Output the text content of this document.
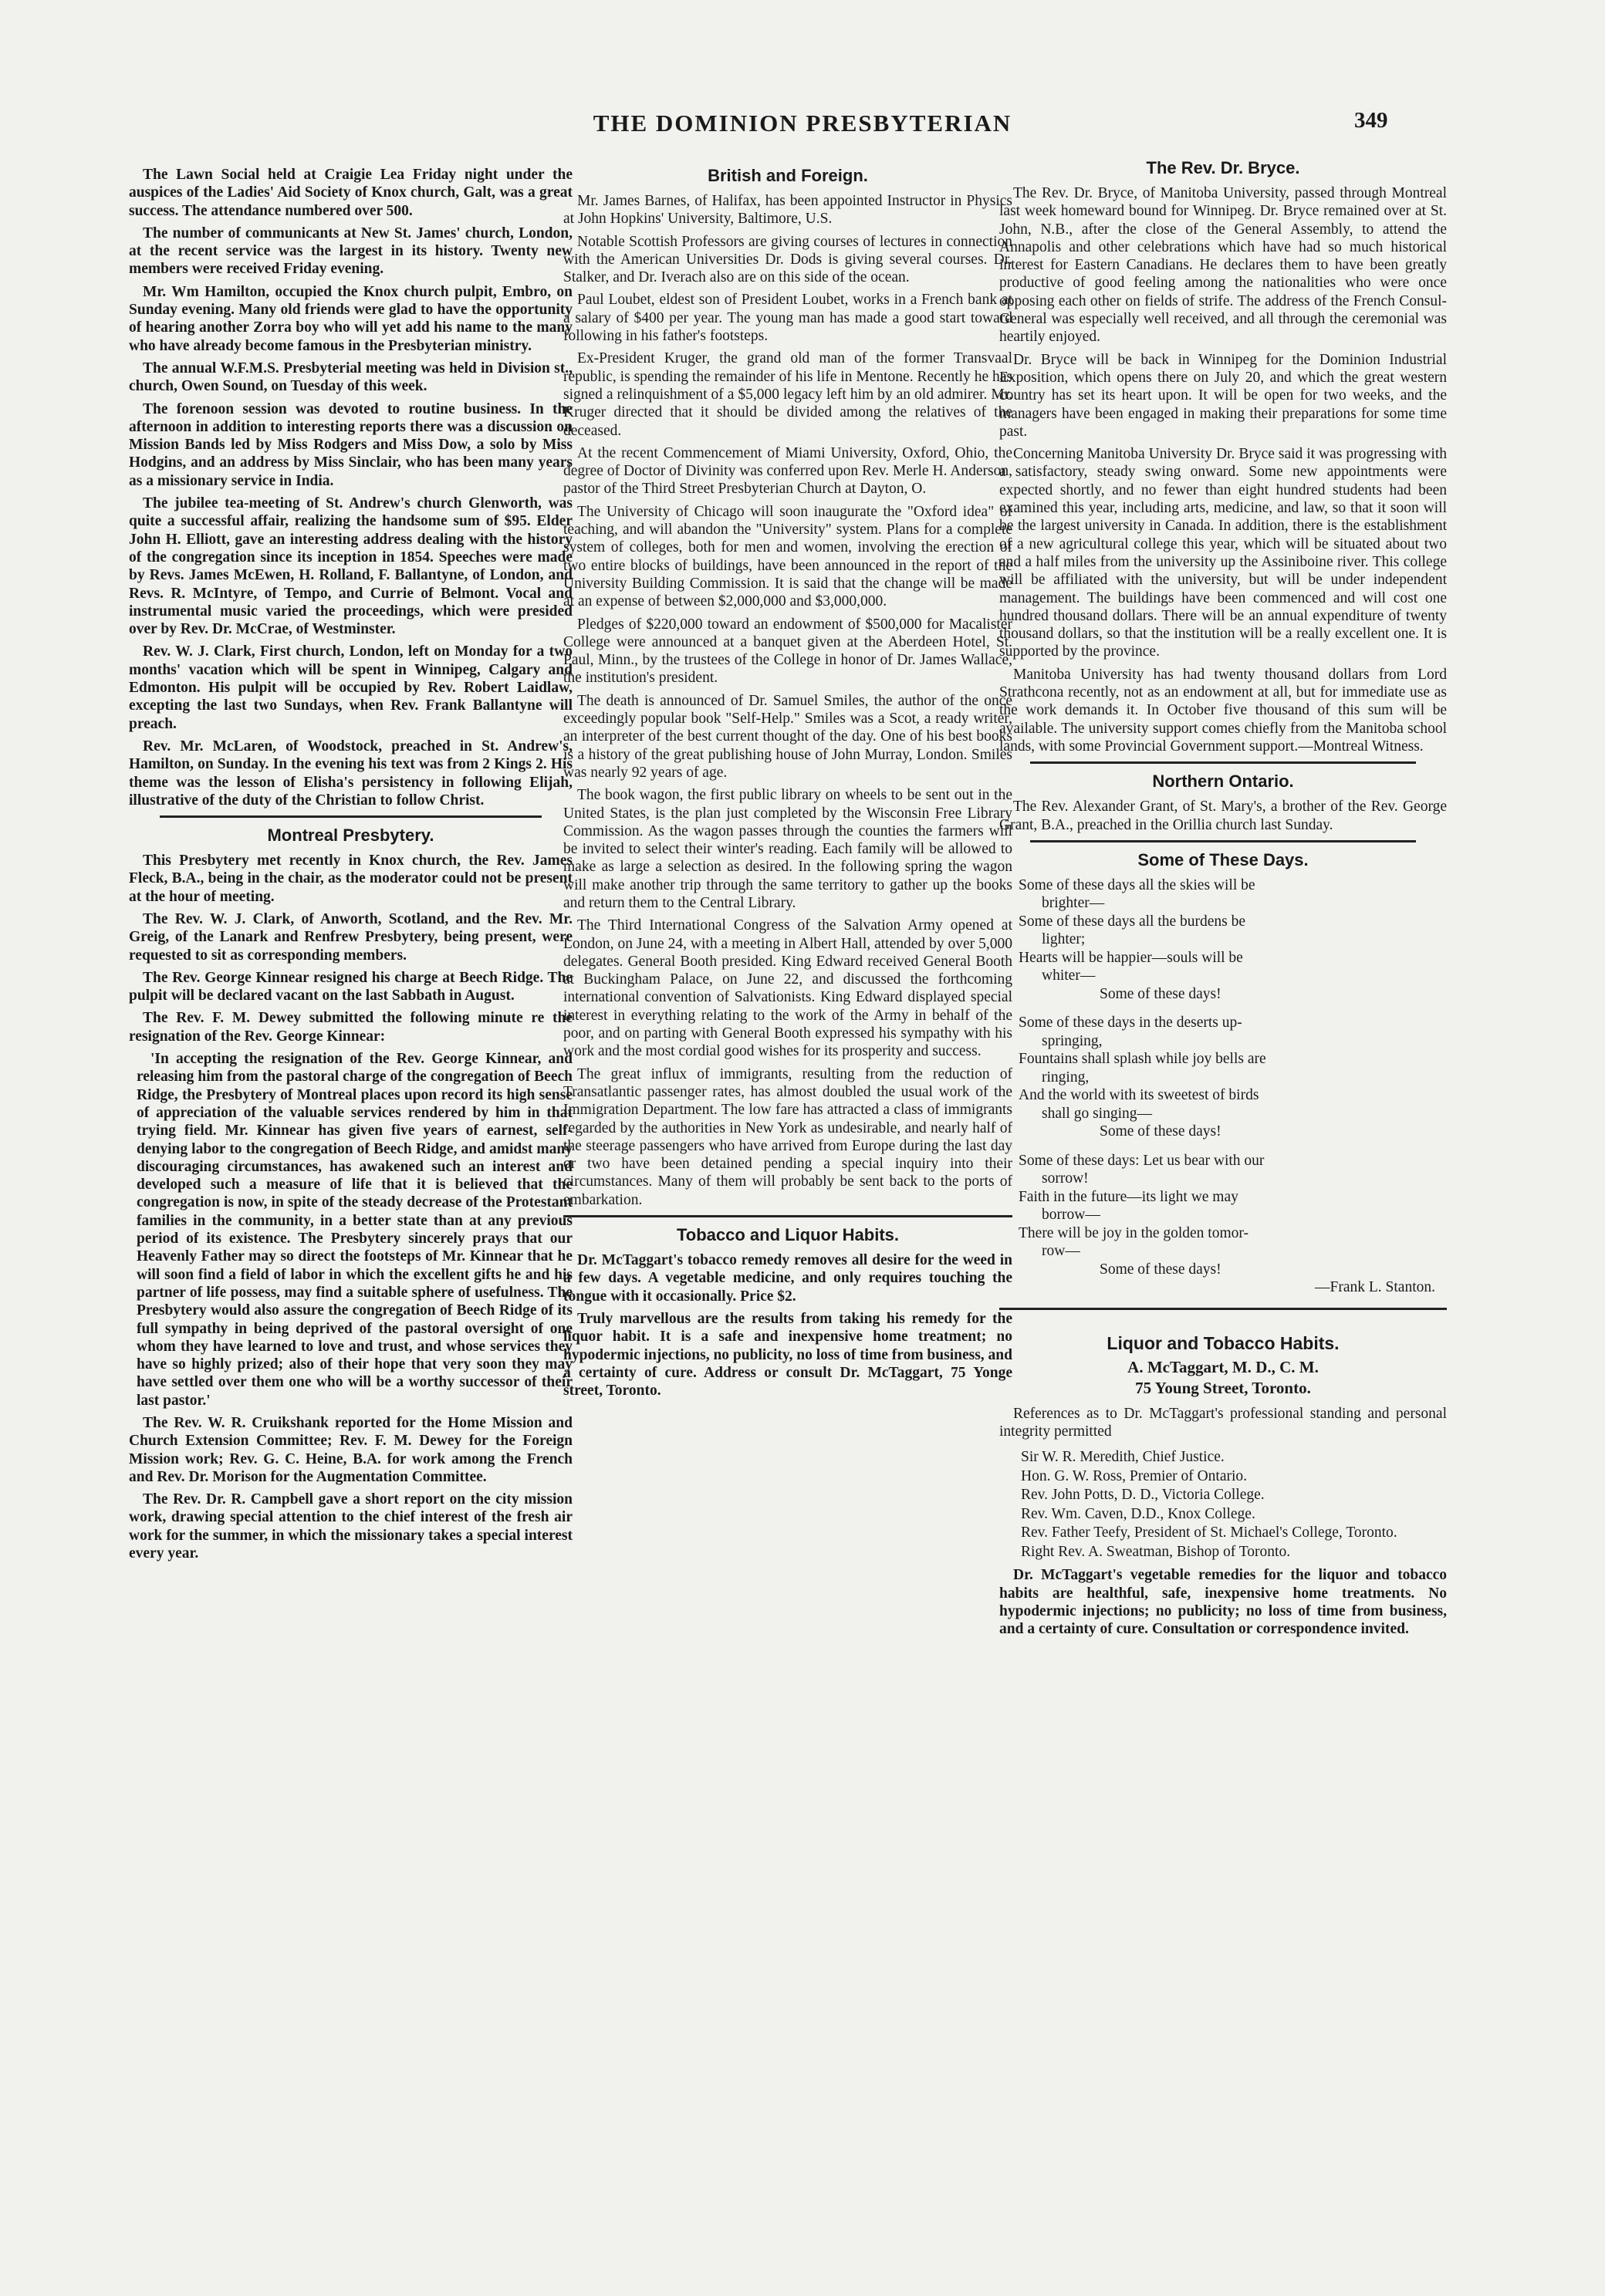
THE DOMINION PRESBYTERIAN	349

The Lawn Social held at Craigie Lea Friday night under the auspices of the Ladies' Aid Society of Knox church, Galt, was a great success. The attendance numbered over 500.

The number of communicants at New St. James' church, London, at the recent service was the largest in its history. Twenty new members were received Friday evening.

Mr. Wm Hamilton, occupied the Knox church pulpit, Embro, on Sunday evening. Many old friends were glad to have the opportunity of hearing another Zorra boy who will yet add his name to the many who have already become famous in the Presbyterian ministry.

The annual W.F.M.S. Presbyterial meeting was held in Division st., church, Owen Sound, on Tuesday of this week.

The forenoon session was devoted to routine business. In the afternoon in addition to interesting reports there was a discussion on Mission Bands led by Miss Rodgers and Miss Dow, a solo by Miss Hodgins, and an address by Miss Sinclair, who has been many years as a missionary service in India.

The jubilee tea-meeting of St. Andrew's church Glenworth, was quite a successful affair, realizing the handsome sum of $95. Elder John H. Elliott, gave an interesting address dealing with the history of the congregation since its inception in 1854. Speeches were made by Revs. James McEwen, H. Rolland, F. Ballantyne, of London, and Revs. R. McIntyre, of Tempo, and Currie of Belmont. Vocal and instrumental music varied the proceedings, which were presided over by Rev. Dr. McCrae, of Westminster.

Rev. W. J. Clark, First church, London, left on Monday for a two months' vacation which will be spent in Winnipeg, Calgary and Edmonton. His pulpit will be occupied by Rev. Robert Laidlaw, excepting the last two Sundays, when Rev. Frank Ballantyne will preach.

Rev. Mr. McLaren, of Woodstock, preached in St. Andrew's, Hamilton, on Sunday. In the evening his text was from 2 Kings 2. His theme was the lesson of Elisha's persistency in following Elijah, illustrative of the duty of the Christian to follow Christ.

Montreal Presbytery.

This Presbytery met recently in Knox church, the Rev. James Fleck, B.A., being in the chair, as the moderator could not be present at the hour of meeting.

The Rev. W. J. Clark, of Anworth, Scotland, and the Rev. Mr. Greig, of the Lanark and Renfrew Presbytery, being present, were requested to sit as corresponding members.

The Rev. George Kinnear resigned his charge at Beech Ridge. The pulpit will be declared vacant on the last Sabbath in August.

The Rev. F. M. Dewey submitted the following minute re the resignation of the Rev. George Kinnear:

'In accepting the resignation of the Rev. George Kinnear, and releasing him from the pastoral charge of the congregation of Beech Ridge, the Presbytery of Montreal places upon record its high sense of appreciation of the valuable services rendered by him in that trying field. Mr. Kinnear has given five years of earnest, self-denying labor to the congregation of Beech Ridge, and amidst many discouraging circumstances, has awakened such an interest and developed such a measure of life that it is believed that the congregation is now, in spite of the steady decrease of the Protestant families in the community, in a better state than at any previous period of its existence. The Presbytery sincerely prays that our Heavenly Father may so direct the footsteps of Mr. Kinnear that he will soon find a field of labor in which the excellent gifts he and his partner of life possess, may find a suitable sphere of usefulness. The Presbytery would also assure the congregation of Beech Ridge of its full sympathy in being deprived of the pastoral oversight of one whom they have learned to love and trust, and whose services they have so highly prized; also of their hope that very soon they may have settled over them one who will be a worthy successor of their last pastor.'

The Rev. W. R. Cruikshank reported for the Home Mission and Church Extension Committee; Rev. F. M. Dewey for the Foreign Mission work; Rev. G. C. Heine, B.A. for work among the French and Rev. Dr. Morison for the Augmentation Committee.

The Rev. Dr. R. Campbell gave a short report on the city mission work, drawing special attention to the chief interest of the fresh air work for the summer, in which the missionary takes a special interest every year.

British and Foreign.

Mr. James Barnes, of Halifax, has been appointed Instructor in Physics at John Hopkins' University, Baltimore, U.S.

Notable Scottish Professors are giving courses of lectures in connection with the American Universities Dr. Dods is giving several courses. Dr. Stalker, and Dr. Iverach also are on this side of the ocean.

Paul Loubet, eldest son of President Loubet, works in a French bank at a salary of $400 per year. The young man has made a good start toward following in his father's footsteps.

Ex-President Kruger, the grand old man of the former Transvaal republic, is spending the remainder of his life in Mentone. Recently he has signed a relinquishment of a $5,000 legacy left him by an old admirer. Mr. Kruger directed that it should be divided among the relatives of the deceased.

At the recent Commencement of Miami University, Oxford, Ohio, the degree of Doctor of Divinity was conferred upon Rev. Merle H. Anderson, pastor of the Third Street Presbyterian Church at Dayton, O.

The University of Chicago will soon inaugurate the "Oxford idea" of teaching, and will abandon the "University" system. Plans for a complete system of colleges, both for men and women, involving the erection of two entire blocks of buildings, have been announced in the report of the University Building Commission. It is said that the change will be made at an expense of between $2,000,000 and $3,000,000.

Pledges of $220,000 toward an endowment of $500,000 for Macalister College were announced at a banquet given at the Aberdeen Hotel, St. Paul, Minn., by the trustees of the College in honor of Dr. James Wallace, the institution's president.

The death is announced of Dr. Samuel Smiles, the author of the once exceedingly popular book "Self-Help." Smiles was a Scot, a ready writer, an interpreter of the best current thought of the day. One of his best books is a history of the great publishing house of John Murray, London. Smiles was nearly 92 years of age.

The book wagon, the first public library on wheels to be sent out in the United States, is the plan just completed by the Wisconsin Free Library Commission. As the wagon passes through the counties the farmers will be invited to select their winter's reading. Each family will be allowed to make as large a selection as desired. In the following spring the wagon will make another trip through the same territory to gather up the books and return them to the Central Library.

The Third International Congress of the Salvation Army opened at London, on June 24, with a meeting in Albert Hall, attended by over 5,000 delegates. General Booth presided. King Edward received General Booth at Buckingham Palace, on June 22, and discussed the forthcoming international convention of Salvationists. King Edward displayed special interest in everything relating to the work of the Army in behalf of the poor, and on parting with General Booth expressed his sympathy with his work and the most cordial good wishes for its prosperity and success.

The great influx of immigrants, resulting from the reduction of Transatlantic passenger rates, has almost doubled the usual work of the Immigration Department. The low fare has attracted a class of immigrants regarded by the authorities in New York as undesirable, and nearly half of the steerage passengers who have arrived from Europe during the last day or two have been detained pending a special inquiry into their circumstances. Many of them will probably be sent back to the ports of embarkation.

Tobacco and Liquor Habits.

Dr. McTaggart's tobacco remedy removes all desire for the weed in a few days. A vegetable medicine, and only requires touching the tongue with it occasionally. Price $2.

Truly marvellous are the results from taking his remedy for the liquor habit. It is a safe and inexpensive home treatment; no hypodermic injections, no publicity, no loss of time from business, and a certainty of cure. Address or consult Dr. McTaggart, 75 Yonge street, Toronto.

The Rev. Dr. Bryce.

The Rev. Dr. Bryce, of Manitoba University, passed through Montreal last week homeward bound for Winnipeg. Dr. Bryce remained over at St. John, N.B., after the close of the General Assembly, to attend the Annapolis and other celebrations which have had so much historical interest for Eastern Canadians. He declares them to have been greatly productive of good feeling among the nationalities who were once opposing each other on fields of strife. The address of the French Consul-General was especially well received, and all through the ceremonial was heartily enjoyed.

Dr. Bryce will be back in Winnipeg for the Dominion Industrial Exposition, which opens there on July 20, and which the great western country has set its heart upon. It will be open for two weeks, and the managers have been engaged in making their preparations for some time past.

Concerning Manitoba University Dr. Bryce said it was progressing with a satisfactory, steady swing onward. Some new appointments were expected shortly, and no fewer than eight hundred students had been examined this year, including arts, medicine, and law, so that it soon will be the largest university in Canada. In addition, there is the establishment of a new agricultural college this year, which will be situated about two and a half miles from the university up the Assiniboine river. This college will be affiliated with the university, but will be under independent management. The buildings have been commenced and will cost one hundred thousand dollars. There will be an annual expenditure of twenty thousand dollars, so that the institution will be a really excellent one. It is supported by the province.

Manitoba University has had twenty thousand dollars from Lord Strathcona recently, not as an endowment at all, but for immediate use as the work demands it. In October five thousand of this sum will be available. The university support comes chiefly from the Manitoba school lands, with some Provincial Government support.—Montreal Witness.

Northern Ontario.

The Rev. Alexander Grant, of St. Mary's, a brother of the Rev. George Grant, B.A., preached in the Orillia church last Sunday.

Some of These Days.
Some of these days all the skies will be
brighter—
Some of these days all the burdens be
lighter;
Hearts will be happier—souls will be
whiter—
Some of these days!
Some of these days in the deserts up-
springing,
Fountains shall splash while joy bells are
ringing,
And the world with its sweetest of birds
shall go singing—
Some of these days!
Some of these days: Let us bear with our
sorrow!
Faith in the future—its light we may
borrow—
There will be joy in the golden tomor-
row—
Some of these days!
—Frank L. Stanton.
Liquor and Tobacco Habits.
A. McTaggart, M. D., C. M.
75 Young Street, Toronto.

References as to Dr. McTaggart's professional standing and personal integrity permitted

Sir W. R. Meredith, Chief Justice.
Hon. G. W. Ross, Premier of Ontario.
Rev. John Potts, D. D., Victoria College.
Rev. Wm. Caven, D.D., Knox College.
Rev. Father Teefy, President of St. Michael's College, Toronto.
Right Rev. A. Sweatman, Bishop of Toronto.

Dr. McTaggart's vegetable remedies for the liquor and tobacco habits are healthful, safe, inexpensive home treatments. No hypodermic injections; no publicity; no loss of time from business, and a certainty of cure. Consultation or correspondence invited.
